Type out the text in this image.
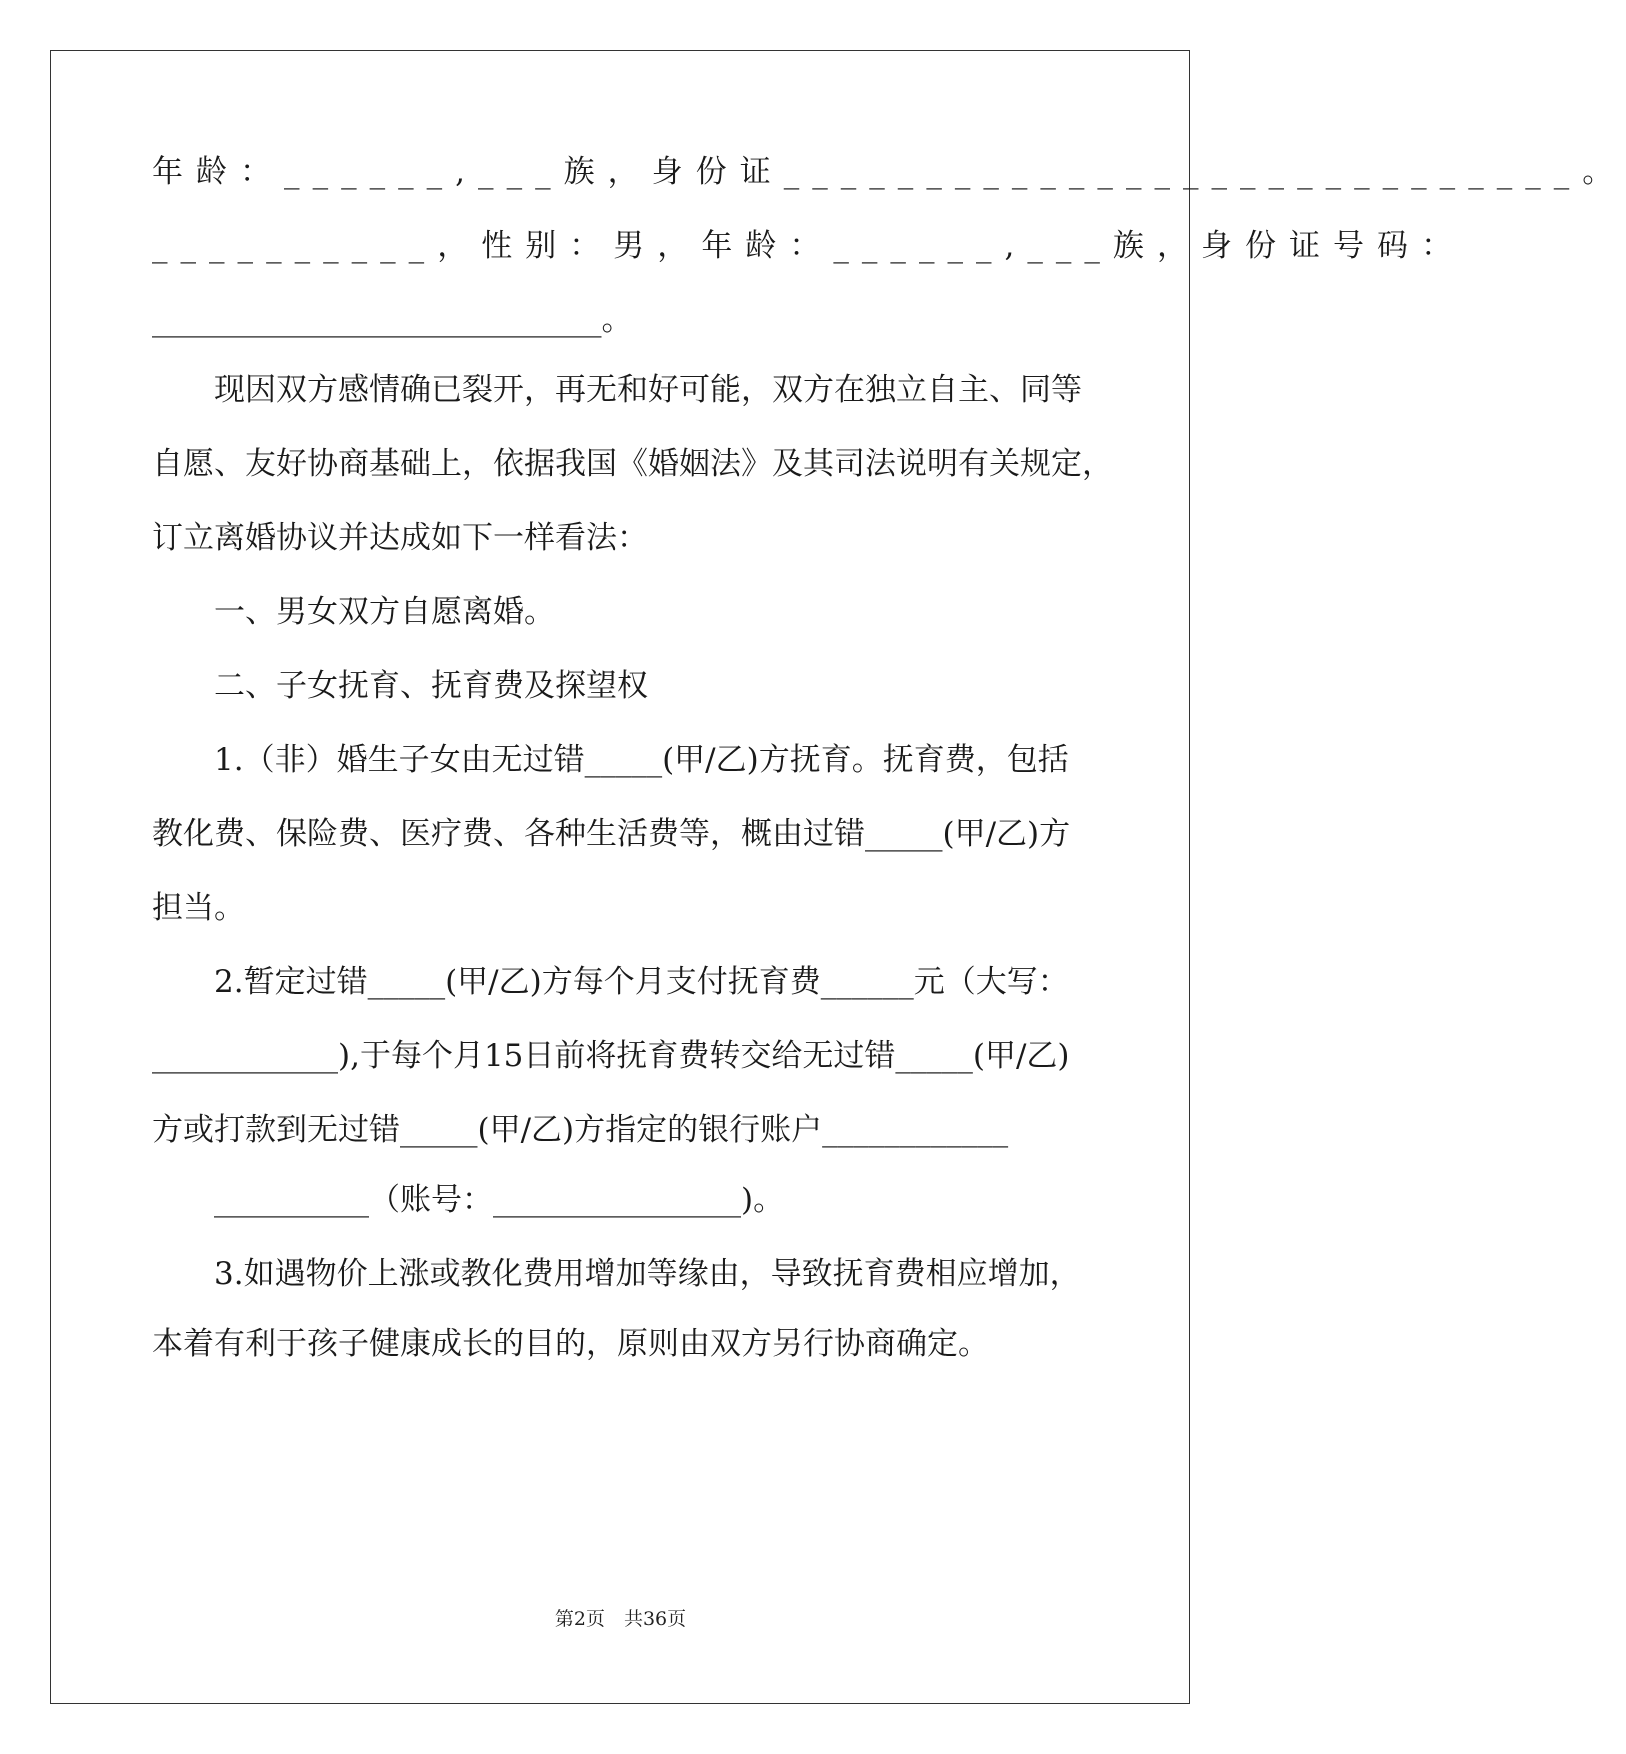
年龄：______,___族，身份证____________________________。
__________，性别：男，年龄：______,___族，身份证号码：
_____________________________。
现因双方感情确已裂开，再无和好可能，双方在独立自主、同等
自愿、友好协商基础上，依据我国《婚姻法》及其司法说明有关规定，
订立离婚协议并达成如下一样看法：
一、男女双方自愿离婚。
二、子女抚育、抚育费及探望权
1.（非）婚生子女由无过错_____(甲/乙)方抚育。抚育费，包括
教化费、保险费、医疗费、各种生活费等，概由过错_____(甲/乙)方
担当。
2.暂定过错_____(甲/乙)方每个月支付抚育费______元（大写：
____________),于每个月15日前将抚育费转交给无过错_____(甲/乙)
方或打款到无过错_____(甲/乙)方指定的银行账户____________
__________（账号：________________)。
3.如遇物价上涨或教化费用增加等缘由，导致抚育费相应增加，
本着有利于孩子健康成长的目的，原则由双方另行协商确定。
第2页　共36页
